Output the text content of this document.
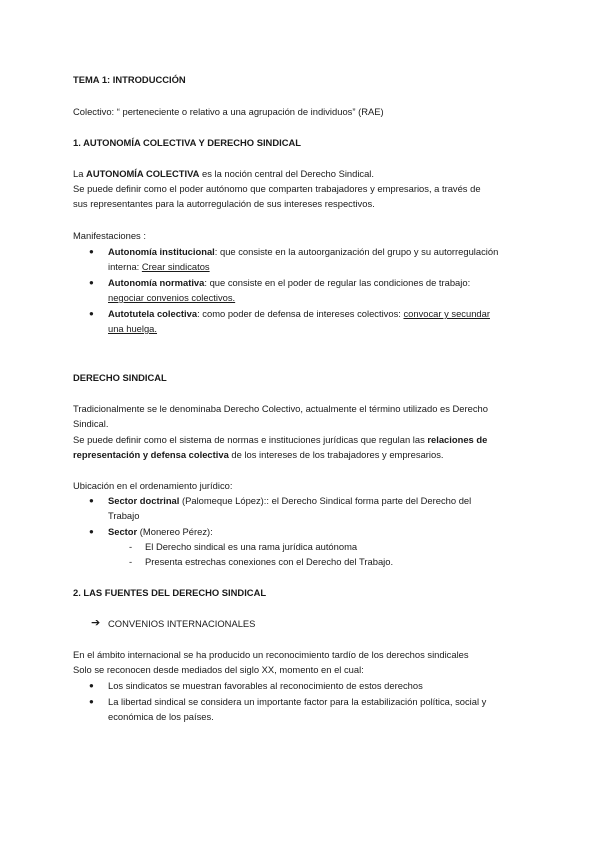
TEMA 1: INTRODUCCIÓN
Colectivo: “ perteneciente o relativo a una agrupación de individuos” (RAE)
1. AUTONOMÍA COLECTIVA Y DERECHO SINDICAL
La AUTONOMÍA COLECTIVA es la noción central del Derecho Sindical.
Se puede definir como el poder autónomo que comparten trabajadores y empresarios, a través de
sus representantes para la autorregulación de sus intereses respectivos.
Manifestaciones :
● Autonomía institucional: que consiste en la autoorganización del grupo y su autorregulación
interna: Crear sindicatos
● Autonomía normativa: que consiste en el poder de regular las condiciones de trabajo:
negociar convenios colectivos.
● Autotutela colectiva: como poder de defensa de intereses colectivos: convocar y secundar
una huelga.
DERECHO SINDICAL
Tradicionalmente se le denominaba Derecho Colectivo, actualmente el término utilizado es Derecho
Sindical.
Se puede definir como el sistema de normas e instituciones jurídicas que regulan las relaciones de
representación y defensa colectiva de los intereses de los trabajadores y empresarios.
Ubicación en el ordenamiento jurídico:
● Sector doctrinal (Palomeque López):: el Derecho Sindical forma parte del Derecho del
Trabajo
● Sector (Monereo Pérez):
- El Derecho sindical es una rama jurídica autónoma
- Presenta estrechas conexiones con el Derecho del Trabajo.
2. LAS FUENTES DEL DERECHO SINDICAL
➔ CONVENIOS INTERNACIONALES
En el ámbito internacional se ha producido un reconocimiento tardío de los derechos sindicales
Solo se reconocen desde mediados del siglo XX, momento en el cual:
● Los sindicatos se muestran favorables al reconocimiento de estos derechos
● La libertad sindical se considera un importante factor para la estabilización política, social y
económica de los países.
